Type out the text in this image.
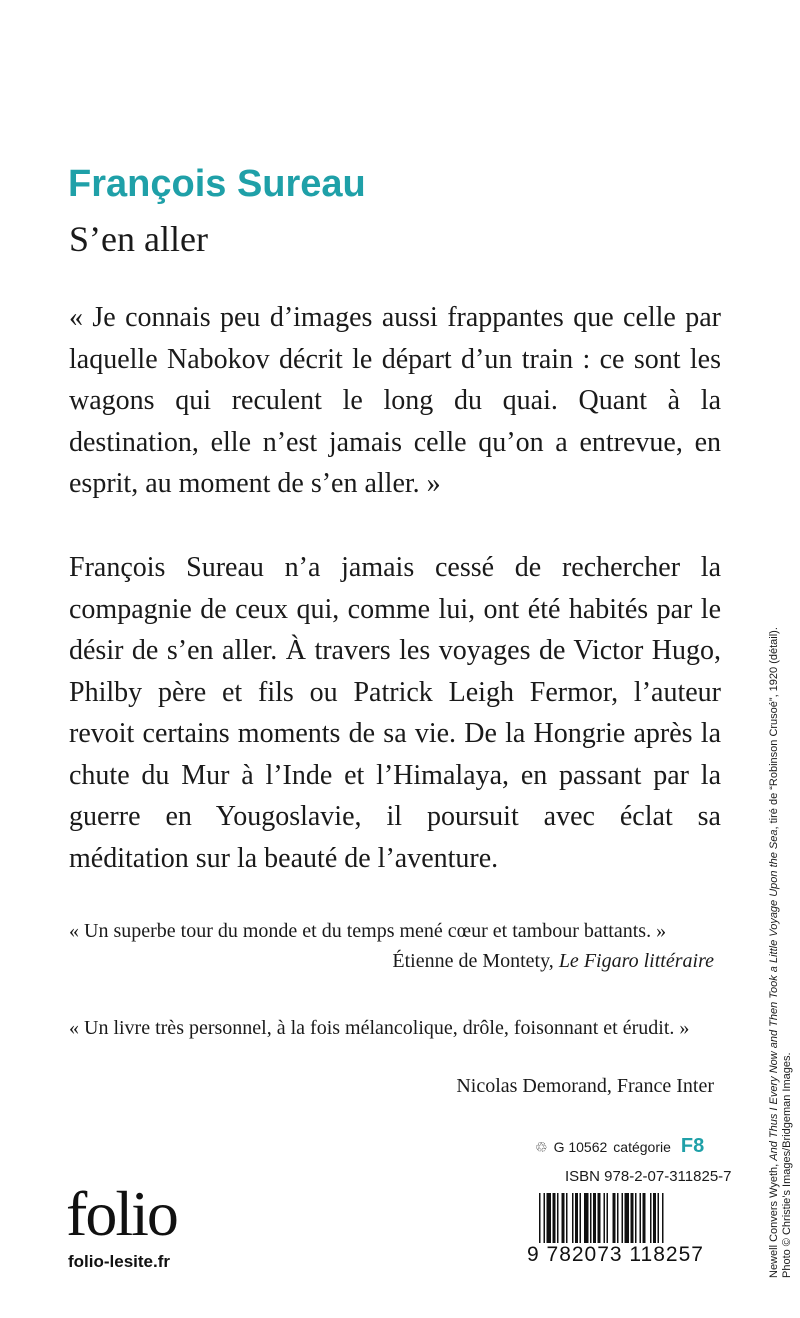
François Sureau
S’en aller

« Je connais peu d’images aussi frappantes que celle par laquelle Nabokov décrit le départ d’un train : ce sont les wagons qui reculent le long du quai. Quant à la destination, elle n’est jamais celle qu’on a entrevue, en esprit, au moment de s’en aller. »

François Sureau n’a jamais cessé de rechercher la compagnie de ceux qui, comme lui, ont été habités par le désir de s’en aller. À travers les voyages de Victor Hugo, Philby père et fils ou Patrick Leigh Fermor, l’auteur revoit certains moments de sa vie. De la Hongrie après la chute du Mur à l’Inde et l’Himalaya, en passant par la guerre en Yougoslavie, il poursuit avec éclat sa méditation sur la beauté de l’aventure.

« Un superbe tour du monde et du temps mené cœur et tambour battants. »

Étienne de Montety, Le Figaro littéraire

« Un livre très personnel, à la fois mélancolique, drôle, foisonnant et érudit. »

Nicolas Demorand, France Inter

folio
folio-lesite.fr
♲ G 10562 catégorie F8
ISBN 978-2-07-311825-7
9 782073 118257	Newell Convers Wyeth, And Thus I Every Now and Then Took a Little Voyage Upon the Sea, tiré de “Robinson Crusoé”, 1920 (détail).
Photo © Christie’s Images/Bridgeman Images.
